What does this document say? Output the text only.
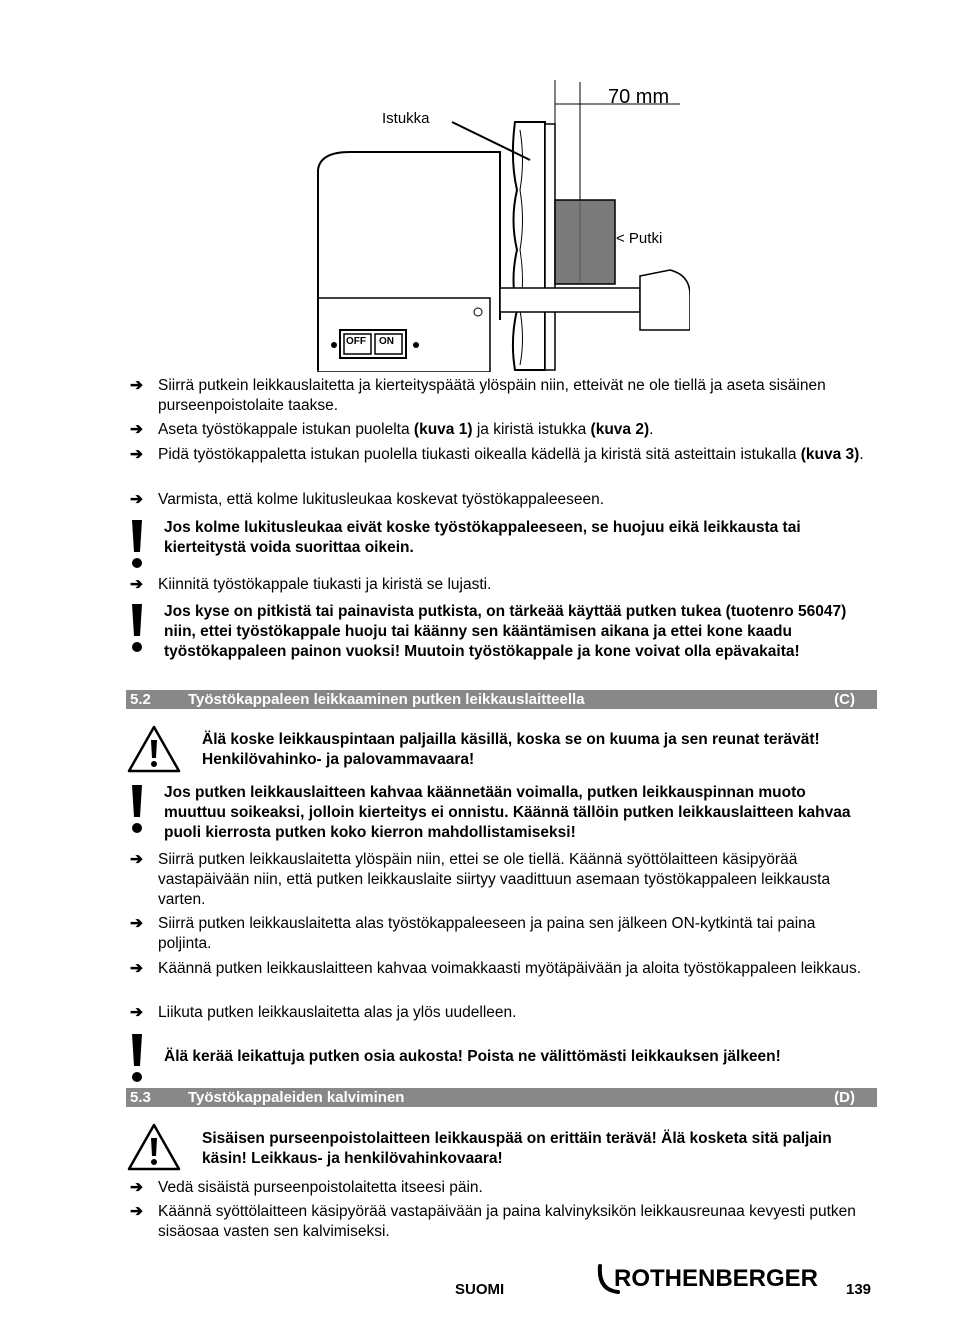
Istukka
< Putki
70 mm
OFF ON
➔ Siirrä putkein leikkauslaitetta ja kierteityspäätä ylöspäin niin, etteivät ne ole tiellä ja aseta sisäinen purseenpoistolaite taakse.
➔ Aseta työstökappale istukan puolelta (kuva 1) ja kiristä istukka (kuva 2).
➔ Pidä työstökappaletta istukan puolella tiukasti oikealla kädellä ja kiristä sitä asteittain istukalla (kuva 3).
➔ Varmista, että kolme lukitusleukaa koskevat työstökappaleeseen.
Jos kolme lukitusleukaa eivät koske työstökappaleeseen, se huojuu eikä leikkausta tai kierteitystä voida suorittaa oikein.
➔ Kiinnitä työstökappale tiukasti ja kiristä se lujasti.
Jos kyse on pitkistä tai painavista putkista, on tärkeää käyttää putken tukea (tuotenro 56047) niin, ettei työstökappale huoju tai käänny sen kääntämisen aikana ja ettei kone kaadu työstökappaleen painon vuoksi! Muutoin työstökappale ja kone voivat olla epävakaita!
5.2 Työstökappaleen leikkaaminen putken leikkauslaitteella	(C)
Älä koske leikkauspintaan paljailla käsillä, koska se on kuuma ja sen reunat terävät! Henkilövahinko- ja palovammavaara!
Jos putken leikkauslaitteen kahvaa käännetään voimalla, putken leikkauspinnan muoto muuttuu soikeaksi, jolloin kierteitys ei onnistu. Käännä tällöin putken leikkauslaitteen kahvaa puoli kierrosta putken koko kierron mahdollistamiseksi!
➔ Siirrä putken leikkauslaitetta ylöspäin niin, ettei se ole tiellä. Käännä syöttölaitteen käsipyörää vastapäivään niin, että putken leikkauslaite siirtyy vaadittuun asemaan työstökappaleen leikkausta varten.
➔ Siirrä putken leikkauslaitetta alas työstökappaleeseen ja paina sen jälkeen ON-kytkintä tai paina poljinta.
➔ Käännä putken leikkauslaitteen kahvaa voimakkaasti myötäpäivään ja aloita työstökappaleen leikkaus.
➔ Liikuta putken leikkauslaitetta alas ja ylös uudelleen.
Älä kerää leikattuja putken osia aukosta! Poista ne välittömästi leikkauksen jälkeen!
5.3 Työstökappaleiden kalviminen	(D)
Sisäisen purseenpoistolaitteen leikkauspää on erittäin terävä! Älä kosketa sitä paljain käsin! Leikkaus- ja henkilövahinkovaara!
➔ Vedä sisäistä purseenpoistolaitetta itseesi päin.
➔ Käännä syöttölaitteen käsipyörää vastapäivään ja paina kalvinyksikön leikkausreunaa kevyesti putken sisäosaa vasten sen kalvimiseksi.
SUOMI	ROTHENBERGER 139
